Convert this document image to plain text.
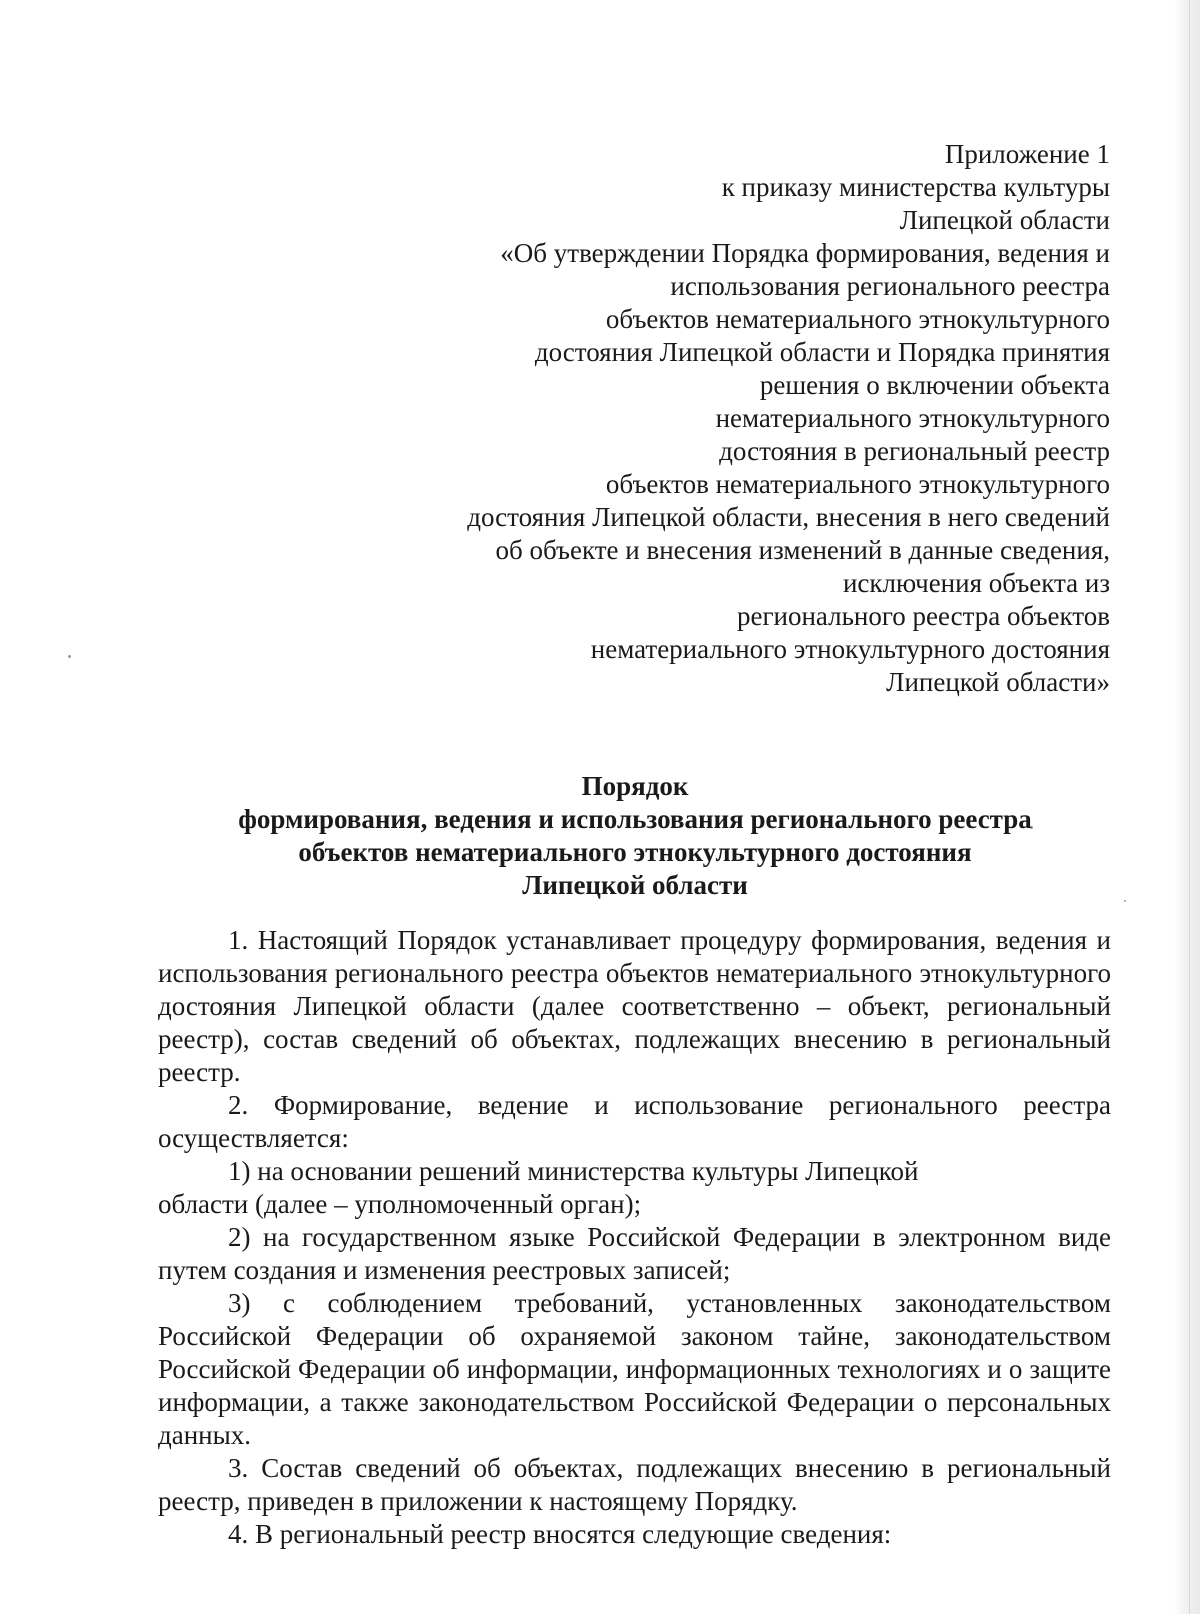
Приложение 1
к приказу министерства культуры
Липецкой области
«Об утверждении Порядка формирования, ведения и
использования регионального реестра
объектов нематериального этнокультурного
достояния Липецкой области и Порядка принятия
решения о включении объекта
нематериального этнокультурного
достояния в региональный реестр
объектов нематериального этнокультурного
достояния Липецкой области, внесения в него сведений
об объекте и внесения изменений в данные сведения,
исключения объекта из
регионального реестра объектов
нематериального этнокультурного достояния
Липецкой области»
Порядок
формирования, ведения и использования регионального реестра
объектов нематериального этнокультурного достояния
Липецкой области

1. Настоящий Порядок устанавливает процедуру формирования, ведения и использования регионального реестра объектов нематериального этнокультурного достояния Липецкой области (далее соответственно – объект, региональный реестр), состав сведений об объектах, подлежащих внесению в региональный реестр.

2. Формирование, ведение и использование регионального реестра осуществляется:

1) на основании решений министерства культуры Липецкой
области (далее – уполномоченный орган);

2) на государственном языке Российской Федерации в электронном виде путем создания и изменения реестровых записей;

3) с соблюдением требований, установленных законодательством Российской Федерации об охраняемой законом тайне, законодательством Российской Федерации об информации, информационных технологиях и о защите информации, а также законодательством Российской Федерации о персональных данных.

3. Состав сведений об объектах, подлежащих внесению в региональный реестр, приведен в приложении к настоящему Порядку.

4. В региональный реестр вносятся следующие сведения:
